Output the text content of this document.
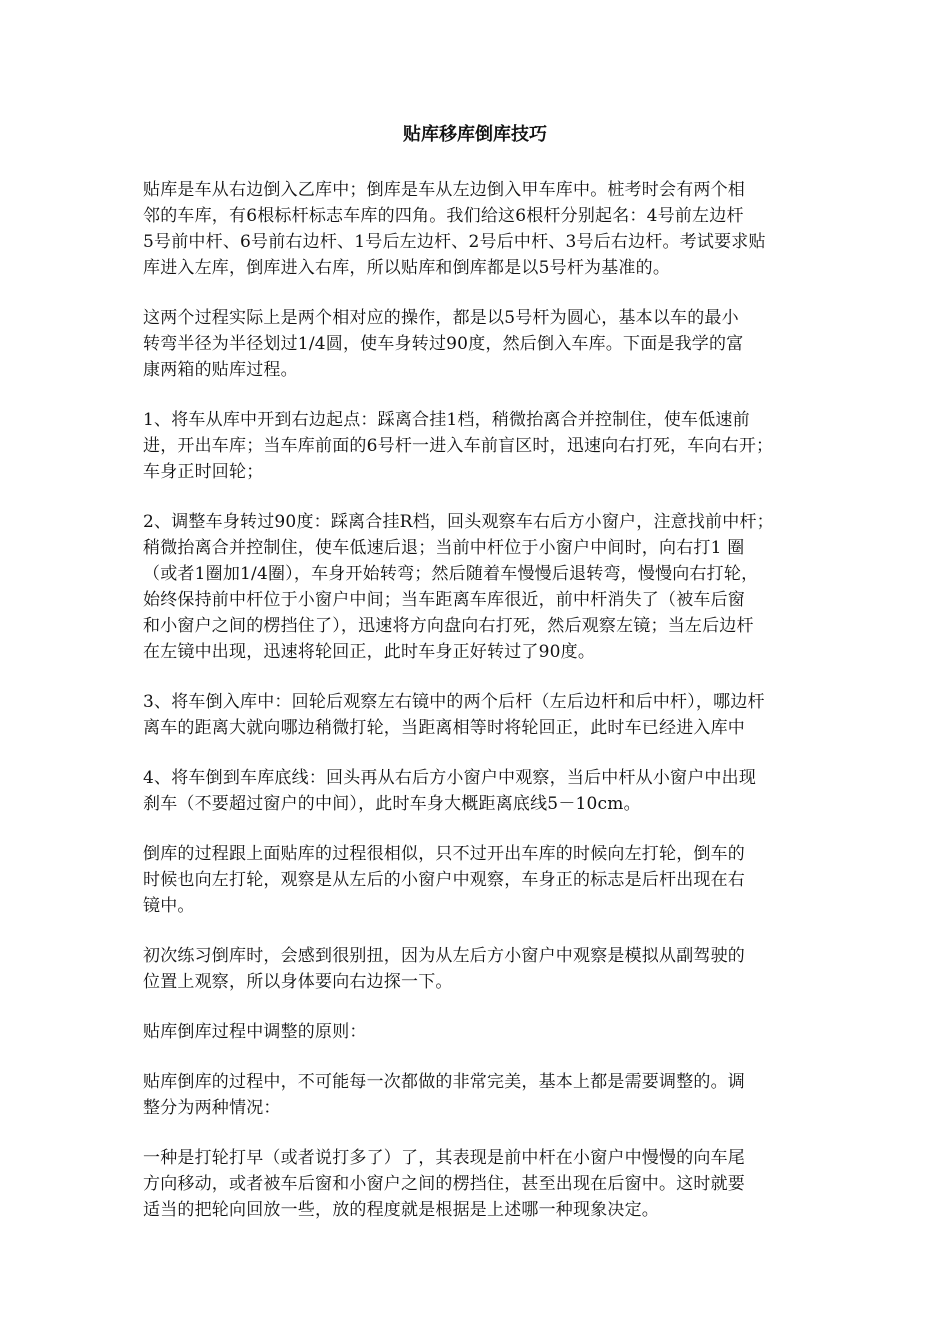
贴库移库倒库技巧

贴库是车从右边倒入乙库中；倒库是车从左边倒入甲车库中。桩考时会有两个相
邻的车库，有6根标杆标志车库的四角。我们给这6根杆分别起名：4号前左边杆
5号前中杆、6号前右边杆、1号后左边杆、2号后中杆、3号后右边杆。考试要求贴
库进入左库，倒库进入右库，所以贴库和倒库都是以5号杆为基准的。

这两个过程实际上是两个相对应的操作，都是以5号杆为圆心，基本以车的最小
转弯半径为半径划过1/4圆，使车身转过90度，然后倒入车库。下面是我学的富
康两箱的贴库过程。

1、将车从库中开到右边起点：踩离合挂1档，稍微抬离合并控制住，使车低速前
进，开出车库；当车库前面的6号杆一进入车前盲区时，迅速向右打死，车向右开；
车身正时回轮；

2、调整车身转过90度：踩离合挂R档，回头观察车右后方小窗户，注意找前中杆；
稍微抬离合并控制住，使车低速后退；当前中杆位于小窗户中间时，向右打1 圈
（或者1圈加1/4圈），车身开始转弯；然后随着车慢慢后退转弯，慢慢向右打轮，
始终保持前中杆位于小窗户中间；当车距离车库很近，前中杆消失了（被车后窗
和小窗户之间的楞挡住了），迅速将方向盘向右打死，然后观察左镜；当左后边杆
在左镜中出现，迅速将轮回正，此时车身正好转过了90度。

3、将车倒入库中：回轮后观察左右镜中的两个后杆（左后边杆和后中杆），哪边杆
离车的距离大就向哪边稍微打轮，当距离相等时将轮回正，此时车已经进入库中

4、将车倒到车库底线：回头再从右后方小窗户中观察，当后中杆从小窗户中出现
刹车（不要超过窗户的中间），此时车身大概距离底线5－10cm。

倒库的过程跟上面贴库的过程很相似，只不过开出车库的时候向左打轮，倒车的
时候也向左打轮，观察是从左后的小窗户中观察，车身正的标志是后杆出现在右
镜中。

初次练习倒库时，会感到很别扭，因为从左后方小窗户中观察是模拟从副驾驶的
位置上观察，所以身体要向右边探一下。

贴库倒库过程中调整的原则：

贴库倒库的过程中，不可能每一次都做的非常完美，基本上都是需要调整的。调
整分为两种情况：

一种是打轮打早（或者说打多了）了，其表现是前中杆在小窗户中慢慢的向车尾
方向移动，或者被车后窗和小窗户之间的楞挡住，甚至出现在后窗中。这时就要
适当的把轮向回放一些，放的程度就是根据是上述哪一种现象决定。
